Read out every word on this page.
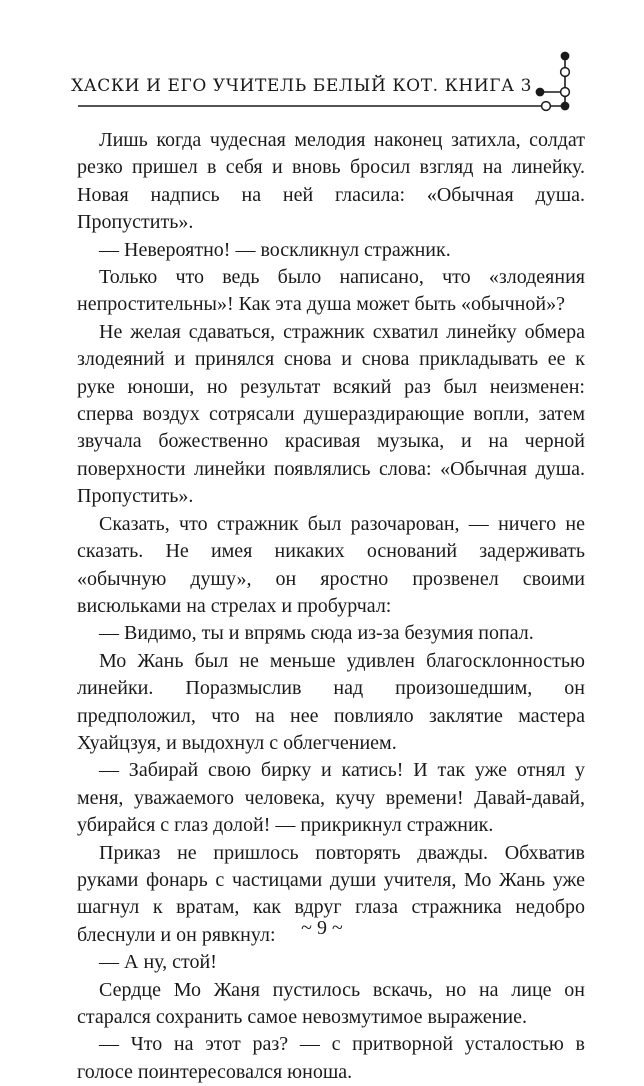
ХАСКИ И ЕГО УЧИТЕЛЬ БЕЛЫЙ КОТ. КНИГА 3

Лишь когда чудесная мелодия наконец затихла, солдат резко пришел в себя и вновь бросил взгляд на линейку. Новая надпись на ней гласила: «Обычная душа. Пропустить».

— Невероятно! — воскликнул стражник.

Только что ведь было написано, что «злодеяния непростительны»! Как эта душа может быть «обычной»?

Не желая сдаваться, стражник схватил линейку обмера злодеяний и принялся снова и снова прикладывать ее к руке юноши, но результат всякий раз был неизменен: сперва воздух сотрясали душераздирающие вопли, затем звучала божественно красивая музыка, и на черной поверхности линейки появлялись слова: «Обычная душа. Пропустить».

Сказать, что стражник был разочарован, — ничего не сказать. Не имея никаких оснований задерживать «обычную душу», он яростно прозвенел своими висюльками на стрелах и пробурчал:

— Видимо, ты и впрямь сюда из-за безумия попал.

Мо Жань был не меньше удивлен благосклонностью линейки. Поразмыслив над произошедшим, он предположил, что на нее повлияло заклятие мастера Хуайцзуя, и выдохнул с облегчением.

— Забирай свою бирку и катись! И так уже отнял у меня, уважаемого человека, кучу времени! Давай-давай, убирайся с глаз долой! — прикрикнул стражник.

Приказ не пришлось повторять дважды. Обхватив руками фонарь с частицами души учителя, Мо Жань уже шагнул к вратам, как вдруг глаза стражника недобро блеснули и он рявкнул:

— А ну, стой!

Сердце Мо Жаня пустилось вскачь, но на лице он старался сохранить самое невозмутимое выражение.

— Что на этот раз? — с притворной усталостью в голосе поинтересовался юноша.

~ 9 ~
